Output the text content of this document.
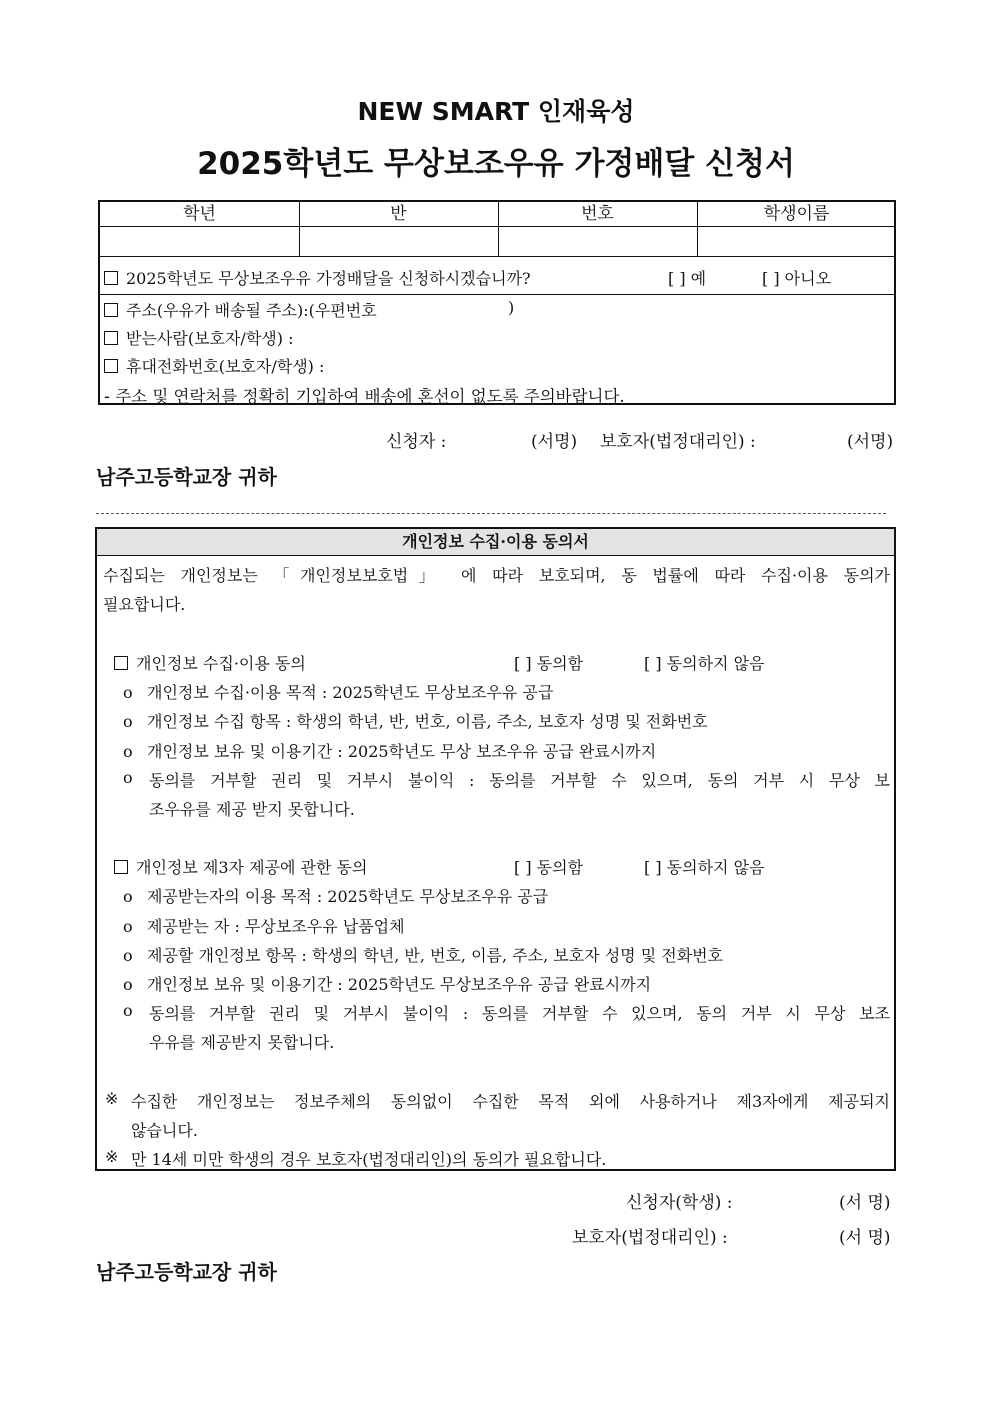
NEW SMART 인재육성
2025학년도 무상보조우유 가정배달 신청서
학년	반	번호	학생이름
2025학년도 무상보조우유 가정배달을 신청하시겠습니까?	[ ] 예	[ ] 아니오
주소(우유가 배송될 주소):(우편번호	)
받는사람(보호자/학생) :
휴대전화번호(보호자/학생) :
- 주소 및 연락처를 정확히 기입하여 배송에 혼선이 없도록 주의바랍니다.
신청자 :	(서명) 보호자(법정대리인) :	(서명)
남주고등학교장 귀하
개인정보 수집·이용 동의서
수집되는 개인정보는 「개인정보보호법」 에 따라 보호되며, 동 법률에 따라 수집·이용 동의가
필요합니다.
개인정보 수집·이용 동의	[ ] 동의함	[ ] 동의하지 않음
o 개인정보 수집·이용 목적 : 2025학년도 무상보조우유 공급
o 개인정보 수집 항목 : 학생의 학년, 반, 번호, 이름, 주소, 보호자 성명 및 전화번호
o 개인정보 보유 및 이용기간 : 2025학년도 무상 보조우유 공급 완료시까지
o 동의를 거부할 권리 및 거부시 불이익 : 동의를 거부할 수 있으며, 동의 거부 시 무상 보
조우유를 제공 받지 못합니다.
개인정보 제3자 제공에 관한 동의	[ ] 동의함	[ ] 동의하지 않음
o 제공받는자의 이용 목적 : 2025학년도 무상보조우유 공급
o 제공받는 자 : 무상보조우유 납품업체
o 제공할 개인정보 항목 : 학생의 학년, 반, 번호, 이름, 주소, 보호자 성명 및 전화번호
o 개인정보 보유 및 이용기간 : 2025학년도 무상보조우유 공급 완료시까지
o 동의를 거부할 권리 및 거부시 불이익 : 동의를 거부할 수 있으며, 동의 거부 시 무상 보조
우유를 제공받지 못합니다.
※ 수집한 개인정보는 정보주체의 동의없이 수집한 목적 외에 사용하거나 제3자에게 제공되지
않습니다.
※ 만 14세 미만 학생의 경우 보호자(법정대리인)의 동의가 필요합니다.
신청자(학생) :	(서 명)
보호자(법정대리인) :	(서 명)
남주고등학교장 귀하
